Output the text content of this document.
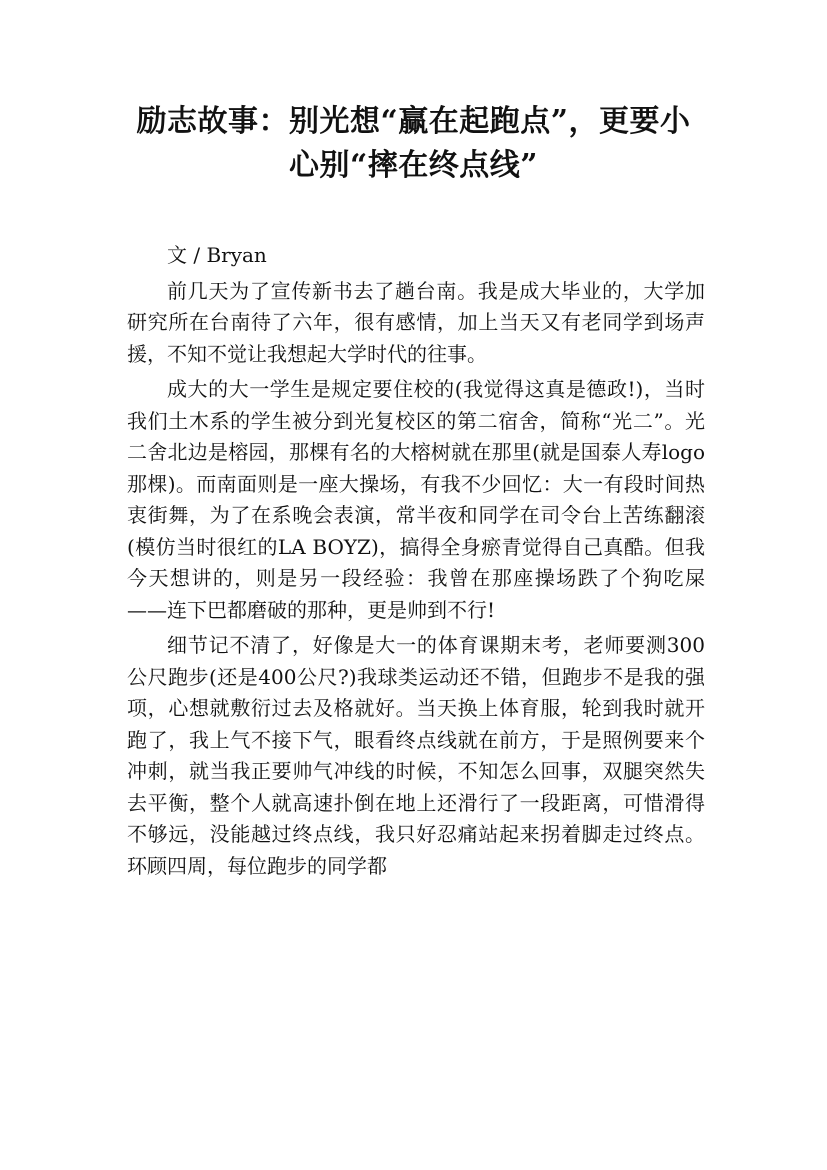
励志故事：别光想“赢在起跑点”，更要小
心别“摔在终点线”

文 / Bryan

前几天为了宣传新书去了趟台南。我是成大毕业的，大学加研究所在台南待了六年，很有感情，加上当天又有老同学到场声援，不知不觉让我想起大学时代的往事。

成大的大一学生是规定要住校的(我觉得这真是德政!)，当时我们土木系的学生被分到光复校区的第二宿舍，简称“光二”。光二舍北边是榕园，那棵有名的大榕树就在那里(就是国泰人寿logo那棵)。而南面则是一座大操场，有我不少回忆：大一有段时间热衷街舞，为了在系晚会表演，常半夜和同学在司令台上苦练翻滚(模仿当时很红的LA BOYZ)，搞得全身瘀青觉得自己真酷。但我今天想讲的，则是另一段经验：我曾在那座操场跌了个狗吃屎——连下巴都磨破的那种，更是帅到不行!

细节记不清了，好像是大一的体育课期末考，老师要测300公尺跑步(还是400公尺?)我球类运动还不错，但跑步不是我的强项，心想就敷衍过去及格就好。当天换上体育服，轮到我时就开跑了，我上气不接下气，眼看终点线就在前方，于是照例要来个冲刺，就当我正要帅气冲线的时候，不知怎么回事，双腿突然失去平衡，整个人就高速扑倒在地上还滑行了一段距离，可惜滑得不够远，没能越过终点线，我只好忍痛站起来拐着脚走过终点。环顾四周，每位跑步的同学都
